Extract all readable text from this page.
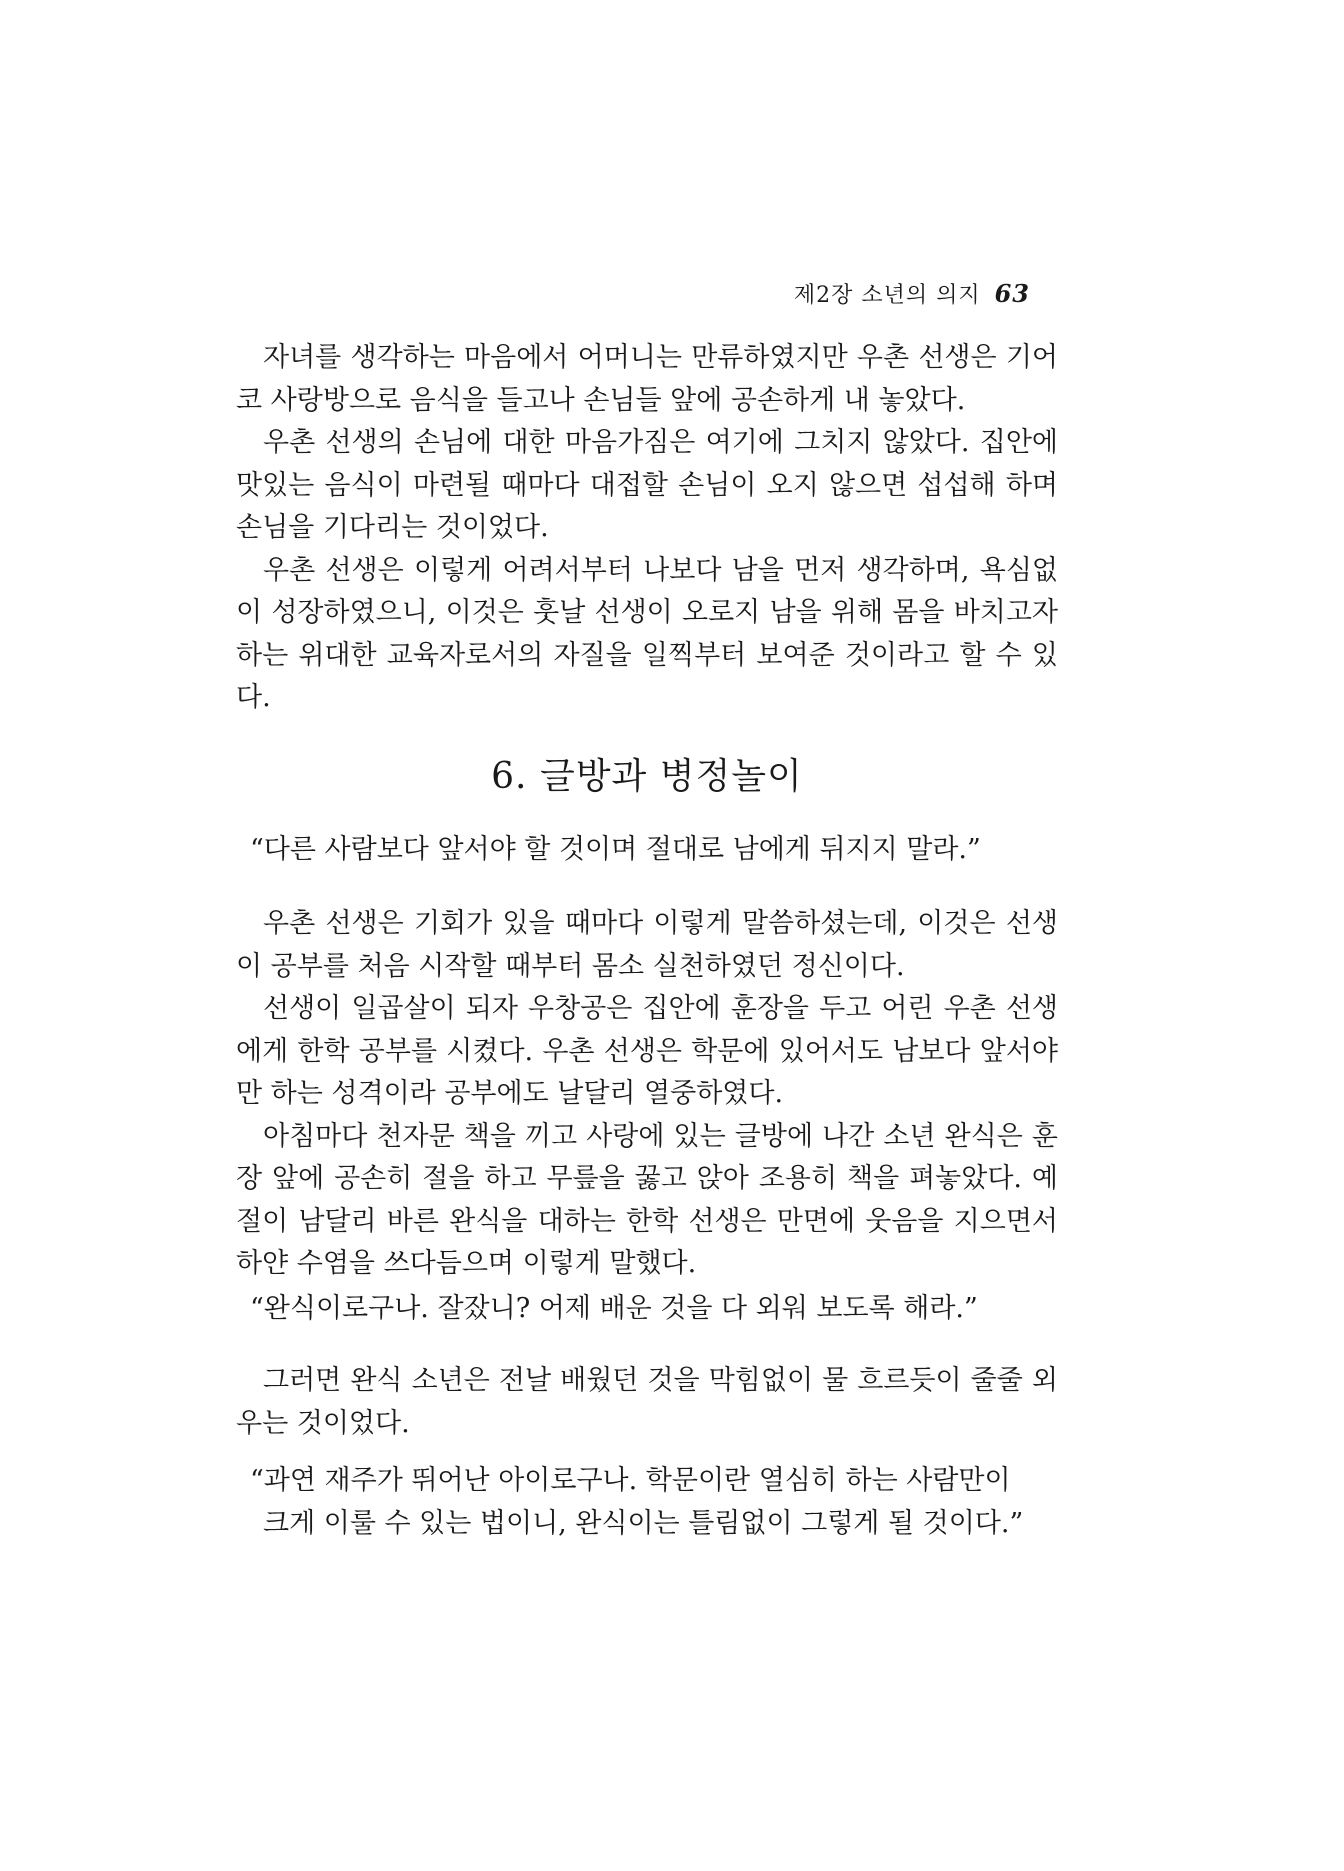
제2장 소년의 의지 63

자녀를 생각하는 마음에서 어머니는 만류하였지만 우촌 선생은 기어코 사랑방으로 음식을 들고나 손님들 앞에 공손하게 내 놓았다.

우촌 선생의 손님에 대한 마음가짐은 여기에 그치지 않았다. 집안에 맛있는 음식이 마련될 때마다 대접할 손님이 오지 않으면 섭섭해 하며 손님을 기다리는 것이었다.

우촌 선생은 이렇게 어려서부터 나보다 남을 먼저 생각하며, 욕심없이 성장하였으니, 이것은 훗날 선생이 오로지 남을 위해 몸을 바치고자 하는 위대한 교육자로서의 자질을 일찍부터 보여준 것이라고 할 수 있다.

6. 글방과 병정놀이

“다른 사람보다 앞서야 할 것이며 절대로 남에게 뒤지지 말라.”

우촌 선생은 기회가 있을 때마다 이렇게 말씀하셨는데, 이것은 선생이 공부를 처음 시작할 때부터 몸소 실천하였던 정신이다.

선생이 일곱살이 되자 우창공은 집안에 훈장을 두고 어린 우촌 선생에게 한학 공부를 시켰다. 우촌 선생은 학문에 있어서도 남보다 앞서야만 하는 성격이라 공부에도 날달리 열중하였다.

아침마다 천자문 책을 끼고 사랑에 있는 글방에 나간 소년 완식은 훈장 앞에 공손히 절을 하고 무릎을 꿇고 앉아 조용히 책을 펴놓았다. 예절이 남달리 바른 완식을 대하는 한학 선생은 만면에 웃음을 지으면서 하얀 수염을 쓰다듬으며 이렇게 말했다.

“완식이로구나. 잘잤니? 어제 배운 것을 다 외워 보도록 해라.”

그러면 완식 소년은 전날 배웠던 것을 막힘없이 물 흐르듯이 줄줄 외우는 것이었다.

“과연 재주가 뛰어난 아이로구나. 학문이란 열심히 하는 사람만이

크게 이룰 수 있는 법이니, 완식이는 틀림없이 그렇게 될 것이다.”
